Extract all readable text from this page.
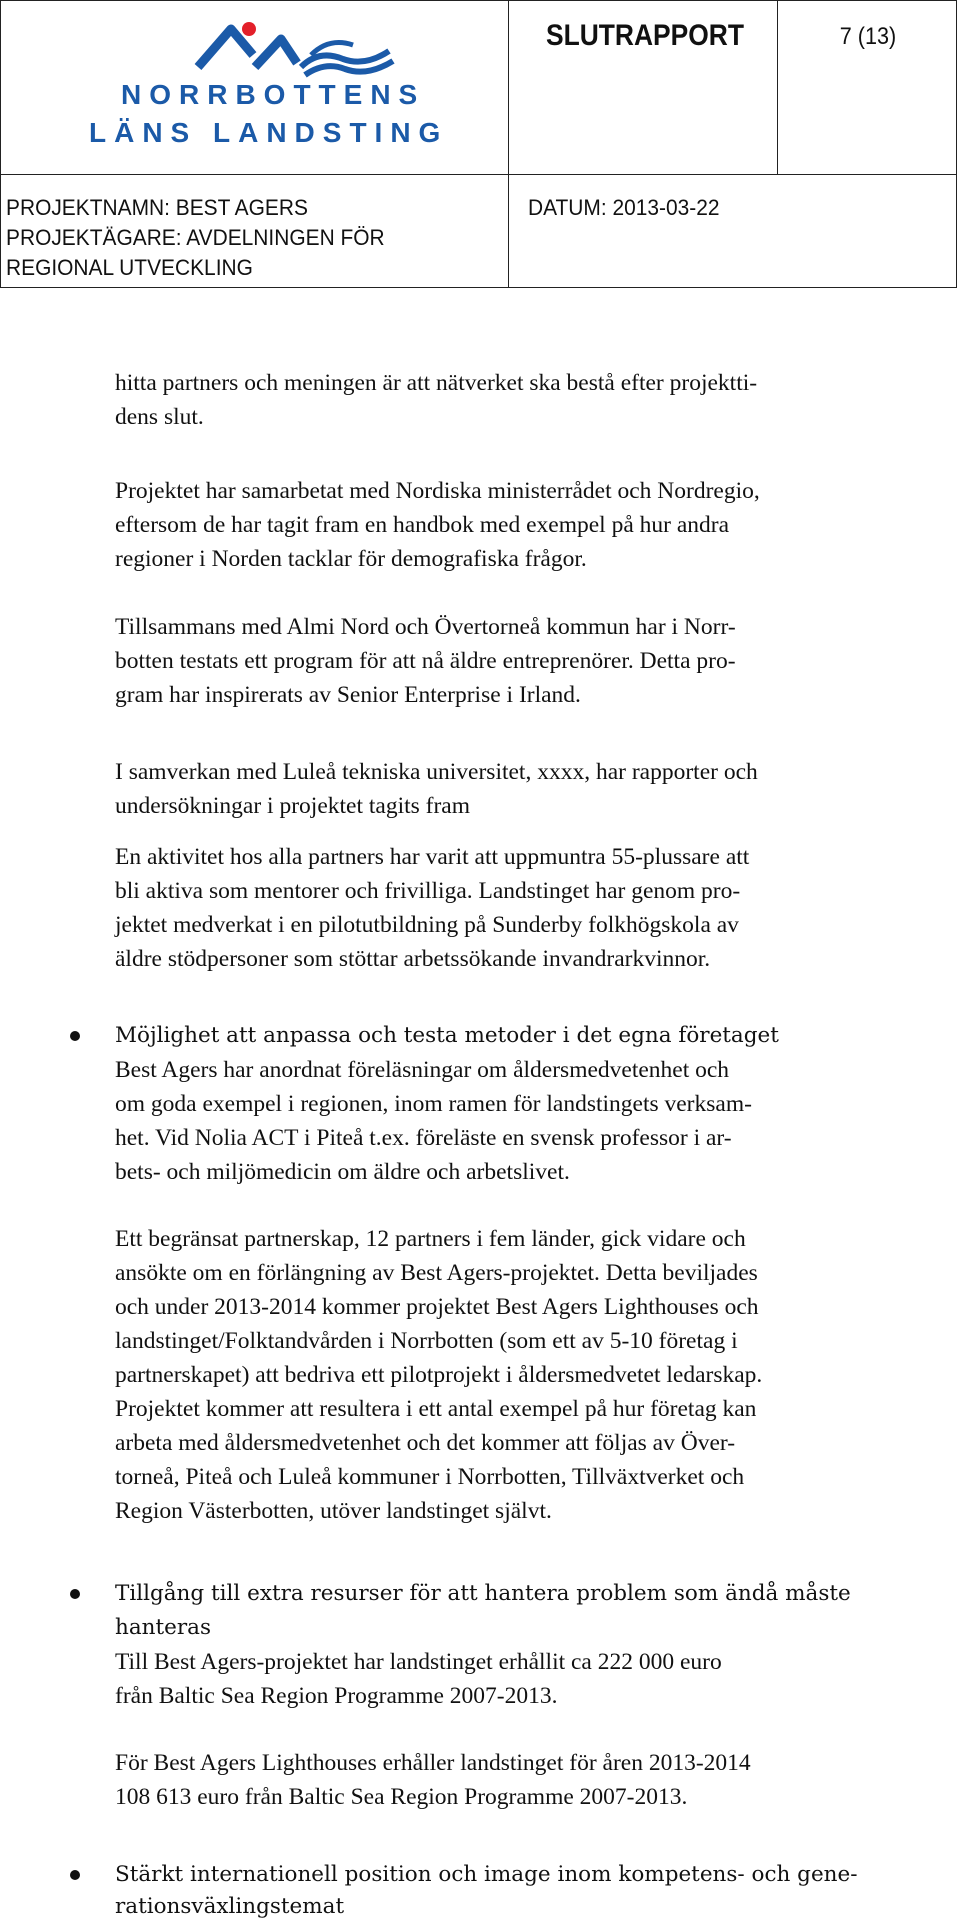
NORRBOTTENS
LÄNS LANDSTING
SLUTRAPPORT	7 (13)
PROJEKTNAMN: BEST AGERS
PROJEKTÄGARE: AVDELNINGEN FÖR
REGIONAL UTVECKLING
DATUM: 2013-03-22
hitta partners och meningen är att nätverket ska bestå efter projektti-
dens slut.
Projektet har samarbetat med Nordiska ministerrådet och Nordregio,
eftersom de har tagit fram en handbok med exempel på hur andra
regioner i Norden tacklar för demografiska frågor.
Tillsammans med Almi Nord och Övertorneå kommun har i Norr-
botten testats ett program för att nå äldre entreprenörer. Detta pro-
gram har inspirerats av Senior Enterprise i Irland.
I samverkan med Luleå tekniska universitet, xxxx, har rapporter och
undersökningar i projektet tagits fram
En aktivitet hos alla partners har varit att uppmuntra 55-plussare att
bli aktiva som mentorer och frivilliga. Landstinget har genom pro-
jektet medverkat i en pilotutbildning på Sunderby folkhögskola av
äldre stödpersoner som stöttar arbetssökande invandrarkvinnor.
Möjlighet att anpassa och testa metoder i det egna företaget
Best Agers har anordnat föreläsningar om åldersmedvetenhet och
om goda exempel i regionen, inom ramen för landstingets verksam-
het. Vid Nolia ACT i Piteå t.ex. föreläste en svensk professor i ar-
bets- och miljömedicin om äldre och arbetslivet.
Ett begränsat partnerskap, 12 partners i fem länder, gick vidare och
ansökte om en förlängning av Best Agers-projektet. Detta beviljades
och under 2013-2014 kommer projektet Best Agers Lighthouses och
landstinget/Folktandvården i Norrbotten (som ett av 5-10 företag i
partnerskapet) att bedriva ett pilotprojekt i åldersmedvetet ledarskap.
Projektet kommer att resultera i ett antal exempel på hur företag kan
arbeta med åldersmedvetenhet och det kommer att följas av Över-
torneå, Piteå och Luleå kommuner i Norrbotten, Tillväxtverket och
Region Västerbotten, utöver landstinget självt.
Tillgång till extra resurser för att hantera problem som ändå måste
hanteras
Till Best Agers-projektet har landstinget erhållit ca 222 000 euro
från Baltic Sea Region Programme 2007-2013.
För Best Agers Lighthouses erhåller landstinget för åren 2013-2014
108 613 euro från Baltic Sea Region Programme 2007-2013.
Stärkt internationell position och image inom kompetens- och gene-
rationsväxlingstemat
